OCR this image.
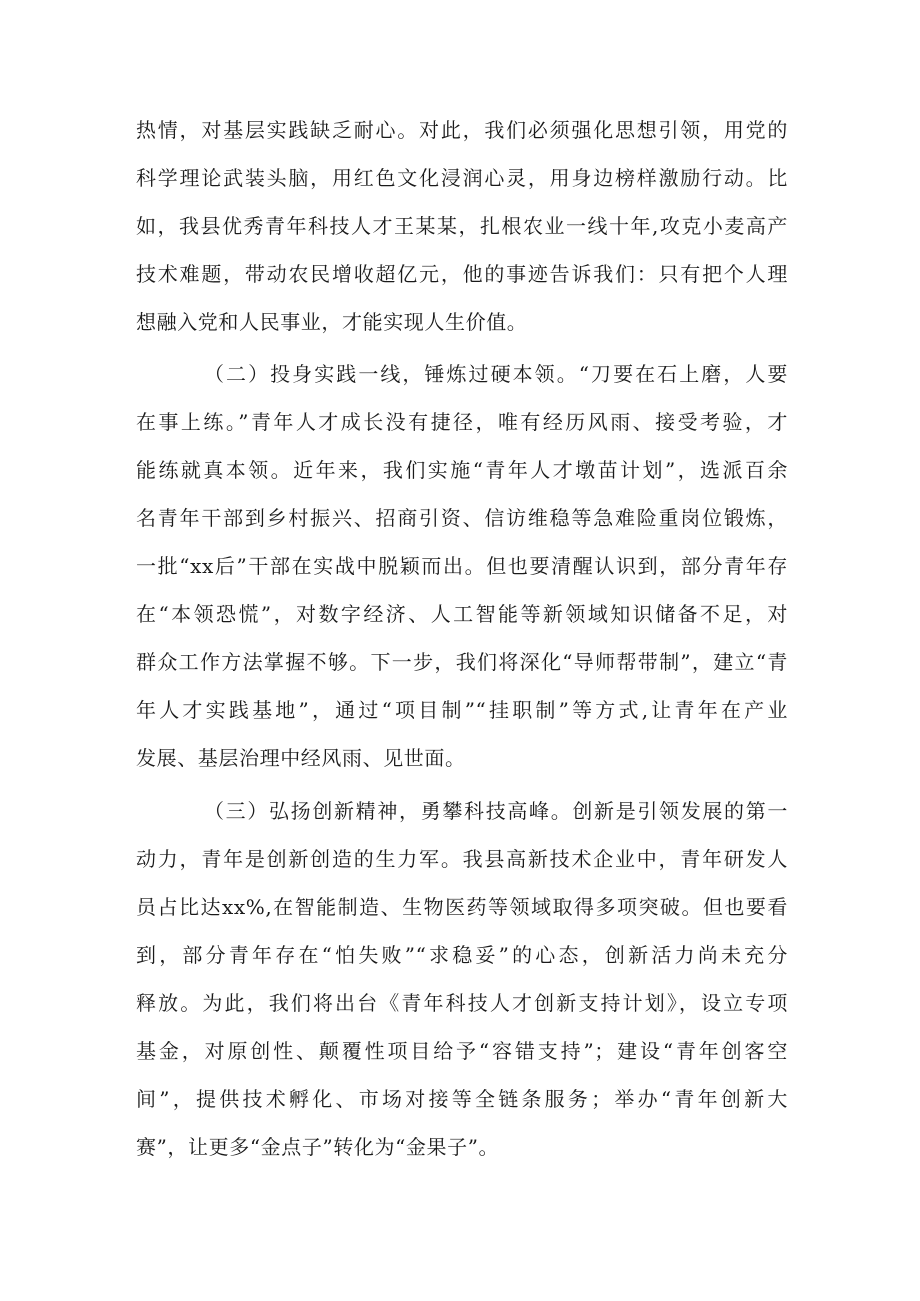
热情，对基层实践缺乏耐心。对此，我们必须强化思想引领，用党的
科学理论武装头脑，用红色文化浸润心灵，用身边榜样激励行动。比
如，我县优秀青年科技人才王某某，扎根农业一线十年,攻克小麦高产
技术难题，带动农民增收超亿元，他的事迹告诉我们：只有把个人理
想融入党和人民事业，才能实现人生价值。
（二）投身实践一线，锤炼过硬本领。“刀要在石上磨，人要
在事上练。”青年人才成长没有捷径，唯有经历风雨、接受考验，才
能练就真本领。近年来，我们实施“青年人才墩苗计划”，选派百余
名青年干部到乡村振兴、招商引资、信访维稳等急难险重岗位锻炼，
一批“xx后”干部在实战中脱颖而出。但也要清醒认识到，部分青年存
在“本领恐慌”，对数字经济、人工智能等新领域知识储备不足，对
群众工作方法掌握不够。下一步，我们将深化“导师帮带制”，建立“青
年人才实践基地”，通过“项目制”“挂职制”等方式,让青年在产业
发展、基层治理中经风雨、见世面。
（三）弘扬创新精神，勇攀科技高峰。创新是引领发展的第一
动力，青年是创新创造的生力军。我县高新技术企业中，青年研发人
员占比达xx%,在智能制造、生物医药等领域取得多项突破。但也要看
到，部分青年存在“怕失败”“求稳妥”的心态，创新活力尚未充分
释放。为此，我们将出台《青年科技人才创新支持计划》，设立专项
基金，对原创性、颠覆性项目给予“容错支持”；建设“青年创客空
间”，提供技术孵化、市场对接等全链条服务；举办“青年创新大
赛”，让更多“金点子”转化为“金果子”。
